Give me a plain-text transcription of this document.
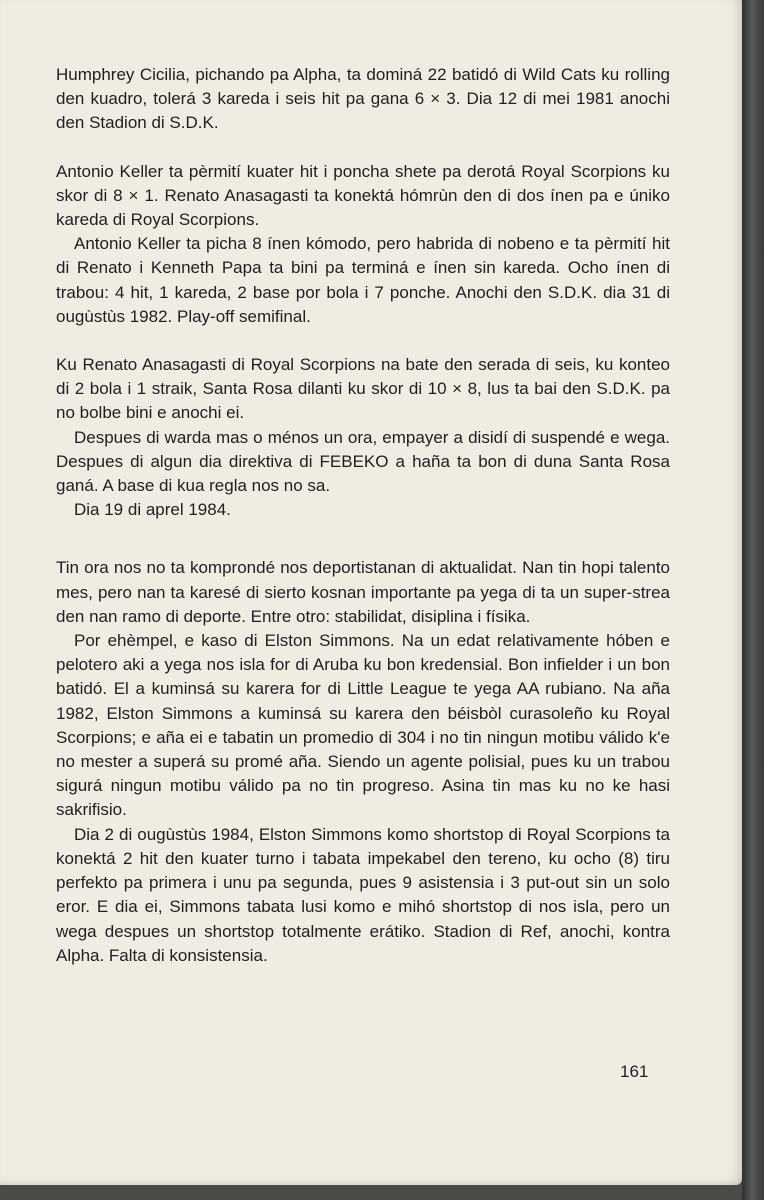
Humphrey Cicilia, pichando pa Alpha, ta dominá 22 batidó di Wild Cats ku rolling den kuadro, tolerá 3 kareda i seis hit pa gana 6 × 3. Dia 12 di mei 1981 anochi den Stadion di S.D.K.

Antonio Keller ta pèrmití kuater hit i poncha shete pa derotá Royal Scorpions ku skor di 8 × 1. Renato Anasagasti ta konektá hómrùn den di dos ínen pa e úniko kareda di Royal Scorpions.

Antonio Keller ta picha 8 ínen kómodo, pero habrida di nobeno e ta pèrmití hit di Renato i Kenneth Papa ta bini pa terminá e ínen sin kareda. Ocho ínen di trabou: 4 hit, 1 kareda, 2 base por bola i 7 ponche. Anochi den S.D.K. dia 31 di ougùstùs 1982. Play-off semifinal.

Ku Renato Anasagasti di Royal Scorpions na bate den serada di seis, ku konteo di 2 bola i 1 straik, Santa Rosa dilanti ku skor di 10 × 8, lus ta bai den S.D.K. pa no bolbe bini e anochi ei.

Despues di warda mas o ménos un ora, empayer a disidí di suspendé e wega. Despues di algun dia direktiva di FEBEKO a haña ta bon di duna Santa Rosa ganá. A base di kua regla nos no sa.

Dia 19 di aprel 1984.

Tin ora nos no ta komprondé nos deportistanan di aktualidat. Nan tin hopi talento mes, pero nan ta karesé di sierto kosnan importante pa yega di ta un super-strea den nan ramo di deporte. Entre otro: stabilidat, disiplina i físika.

Por ehèmpel, e kaso di Elston Simmons. Na un edat relativamente hóben e pelotero aki a yega nos isla for di Aruba ku bon kredensial. Bon infielder i un bon batidó. El a kuminsá su karera for di Little League te yega AA rubiano. Na aña 1982, Elston Simmons a kuminsá su karera den béisbòl curasoleño ku Royal Scorpions; e aña ei e tabatin un promedio di 304 i no tin ningun motibu válido k'e no mester a superá su promé aña. Siendo un agente polisial, pues ku un trabou sigurá ningun motibu válido pa no tin progreso. Asina tin mas ku no ke hasi sakrifisio.

Dia 2 di ougùstùs 1984, Elston Simmons komo shortstop di Royal Scorpions ta konektá 2 hit den kuater turno i tabata impekabel den tereno, ku ocho (8) tiru perfekto pa primera i unu pa segunda, pues 9 asistensia i 3 put-out sin un solo eror. E dia ei, Simmons tabata lusi komo e mihó shortstop di nos isla, pero un wega despues un shortstop totalmente erátiko. Stadion di Ref, anochi, kontra Alpha. Falta di konsistensia.

161
